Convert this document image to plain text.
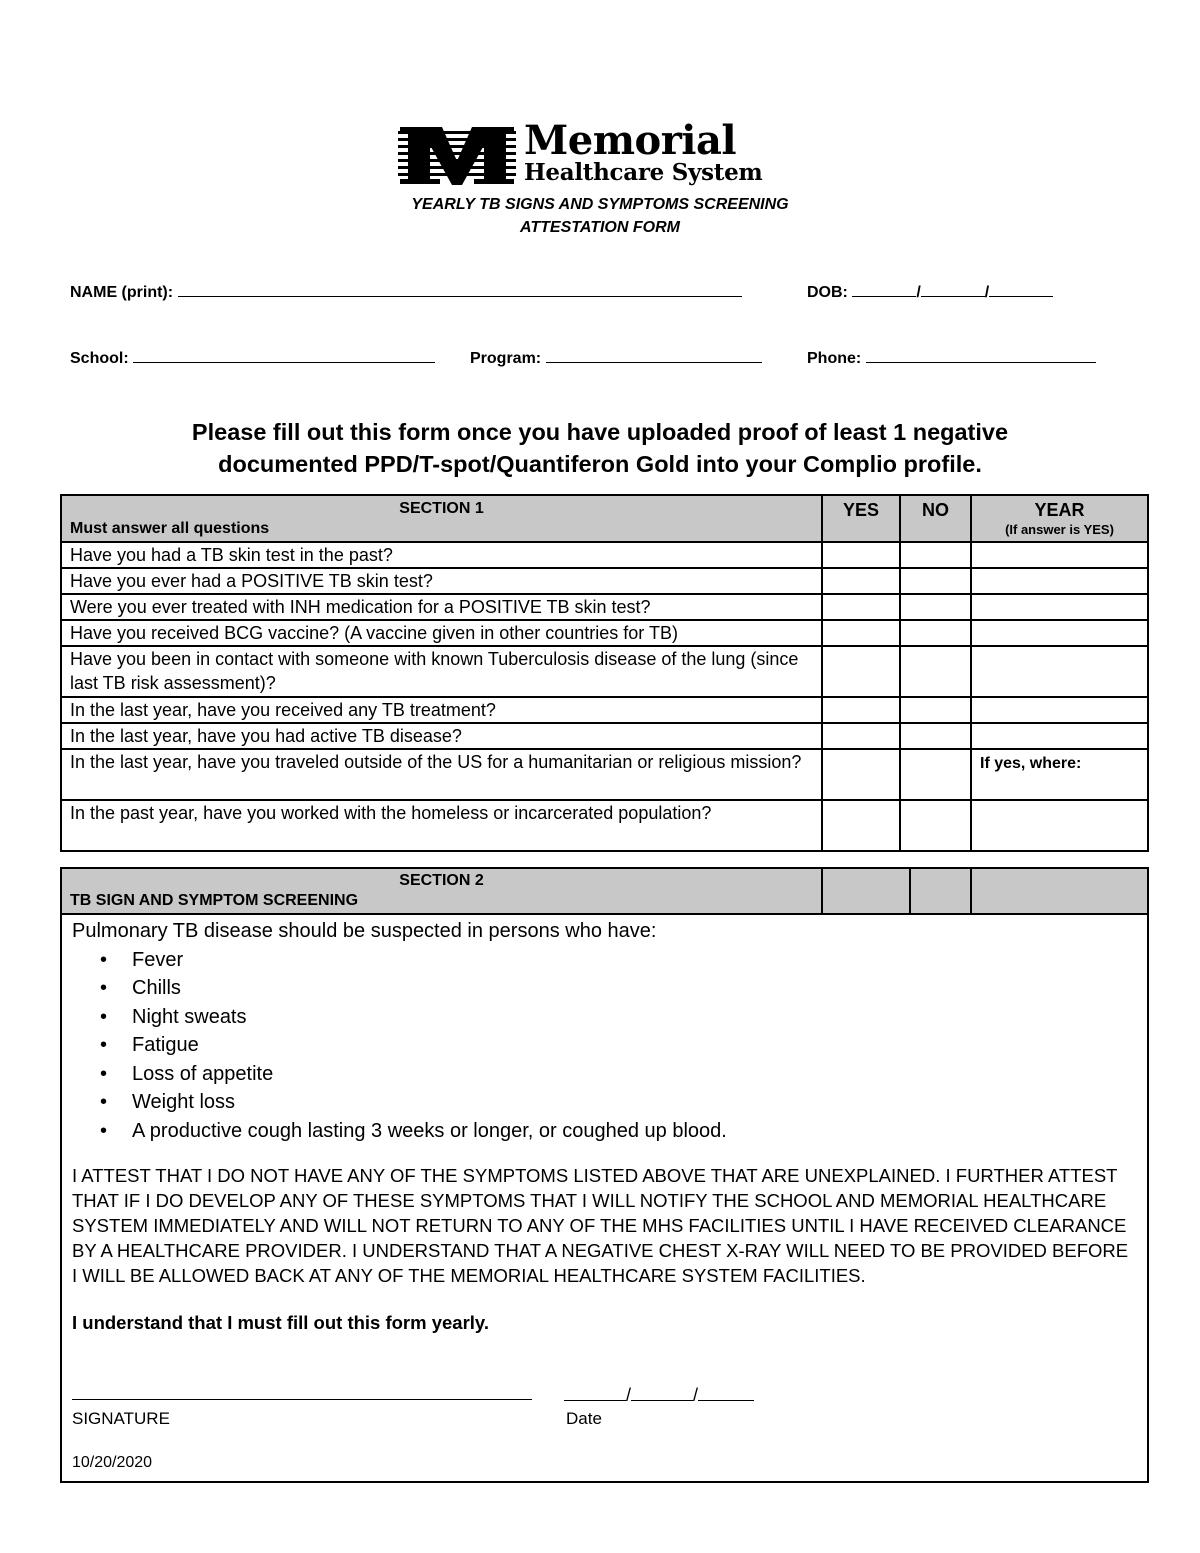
Memorial
Healthcare System
YEARLY TB SIGNS AND SYMPTOMS SCREENING
ATTESTATION FORM
NAME (print):	DOB:	/	/
School:	Program:	Phone:
Please fill out this form once you have uploaded proof of least 1 negative
documented PPD/T-spot/Quantiferon Gold into your Complio profile.
SECTION 1
Must answer all questions	YES	NO	YEAR
(If answer is YES)

Have you had a TB skin test in the past?			
Have you ever had a POSITIVE TB skin test?			
Were you ever treated with INH medication for a POSITIVE TB skin test?			
Have you received BCG vaccine? (A vaccine given in other countries for TB)			
Have you been in contact with someone with known Tuberculosis disease of the lung (since last TB risk assessment)?			
In the last year, have you received any TB treatment?			
In the last year, have you had active TB disease?			
In the last year, have you traveled outside of the US for a humanitarian or religious mission?			If yes, where:
In the past year, have you worked with the homeless or incarcerated population?			
SECTION 2
TB SIGN AND SYMPTOM SCREENING

Pulmonary TB disease should be suspected in persons who have:
• Fever
• Chills
• Night sweats
• Fatigue
• Loss of appetite
• Weight loss
• A productive cough lasting 3 weeks or longer, or coughed up blood.
I ATTEST THAT I DO NOT HAVE ANY OF THE SYMPTOMS LISTED ABOVE THAT ARE UNEXPLAINED. I FURTHER ATTEST THAT IF I DO DEVELOP ANY OF THESE SYMPTOMS THAT I WILL NOTIFY THE SCHOOL AND MEMORIAL HEALTHCARE SYSTEM IMMEDIATELY AND WILL NOT RETURN TO ANY OF THE MHS FACILITIES UNTIL I HAVE RECEIVED CLEARANCE BY A HEALTHCARE PROVIDER. I UNDERSTAND THAT A NEGATIVE CHEST X-RAY WILL NEED TO BE PROVIDED BEFORE I WILL BE ALLOWED BACK AT ANY OF THE MEMORIAL HEALTHCARE SYSTEM FACILITIES.
I understand that I must fill out this form yearly.
SIGNATURE
/	/
Date
10/20/2020
